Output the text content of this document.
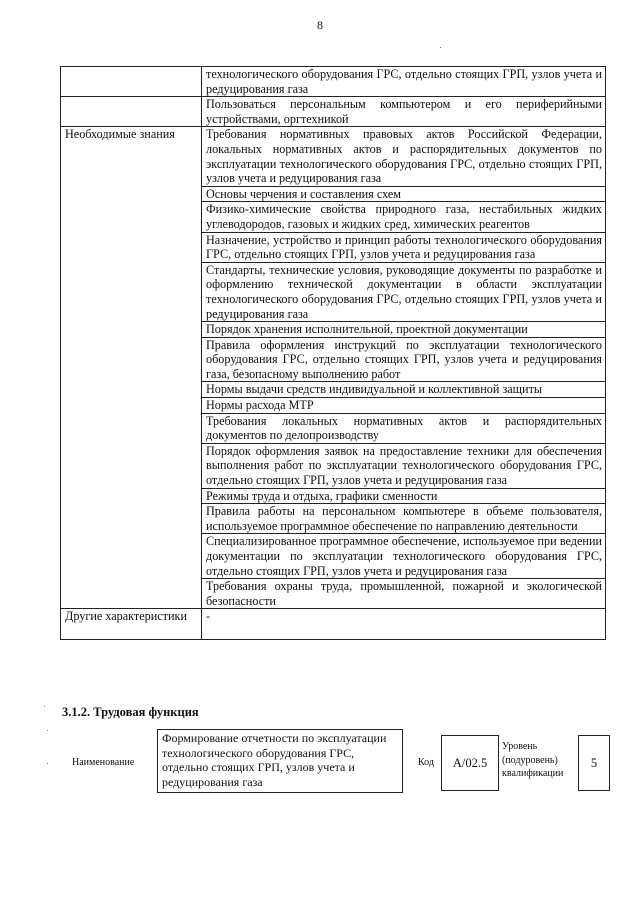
8
	технологического оборудования ГРС, отдельно стоящих ГРП, узлов учета и редуцирования газа
	Пользоваться персональным компьютером и его периферийными устройствами, оргтехникой
Необходимые знания	Требования нормативных правовых актов Российской Федерации, локальных нормативных актов и распорядительных документов по эксплуатации технологического оборудования ГРС, отдельно стоящих ГРП, узлов учета и редуцирования газа
	Основы черчения и составления схем
	Физико-химические свойства природного газа, нестабильных жидких углеводородов, газовых и жидких сред, химических реагентов
	Назначение, устройство и принцип работы технологического оборудования ГРС, отдельно стоящих ГРП, узлов учета и редуцирования газа
	Стандарты, технические условия, руководящие документы по разработке и оформлению технической документации в области эксплуатации технологического оборудования ГРС, отдельно стоящих ГРП, узлов учета и редуцирования газа
	Порядок хранения исполнительной, проектной документации
	Правила оформления инструкций по эксплуатации технологического оборудования ГРС, отдельно стоящих ГРП, узлов учета и редуцирования газа, безопасному выполнению работ
	Нормы выдачи средств индивидуальной и коллективной защиты
	Нормы расхода МТР
	Требования локальных нормативных актов и распорядительных документов по делопроизводству
	Порядок оформления заявок на предоставление техники для обеспечения выполнения работ по эксплуатации технологического оборудования ГРС, отдельно стоящих ГРП, узлов учета и редуцирования газа
	Режимы труда и отдыха, графики сменности
	Правила работы на персональном компьютере в объеме пользователя, используемое программное обеспечение по направлению деятельности
	Специализированное программное обеспечение, используемое при ведении документации по эксплуатации технологического оборудования ГРС, отдельно стоящих ГРП, узлов учета и редуцирования газа
	Требования охраны труда, промышленной, пожарной и экологической безопасности
Другие характеристики	-
3.1.2. Трудовая функция
Наименование
Формирование отчетности по эксплуатации технологического оборудования ГРС, отдельно стоящих ГРП, узлов учета и редуцирования газа
Код	А/02.5
Уровень (подуровень) квалификации
5
